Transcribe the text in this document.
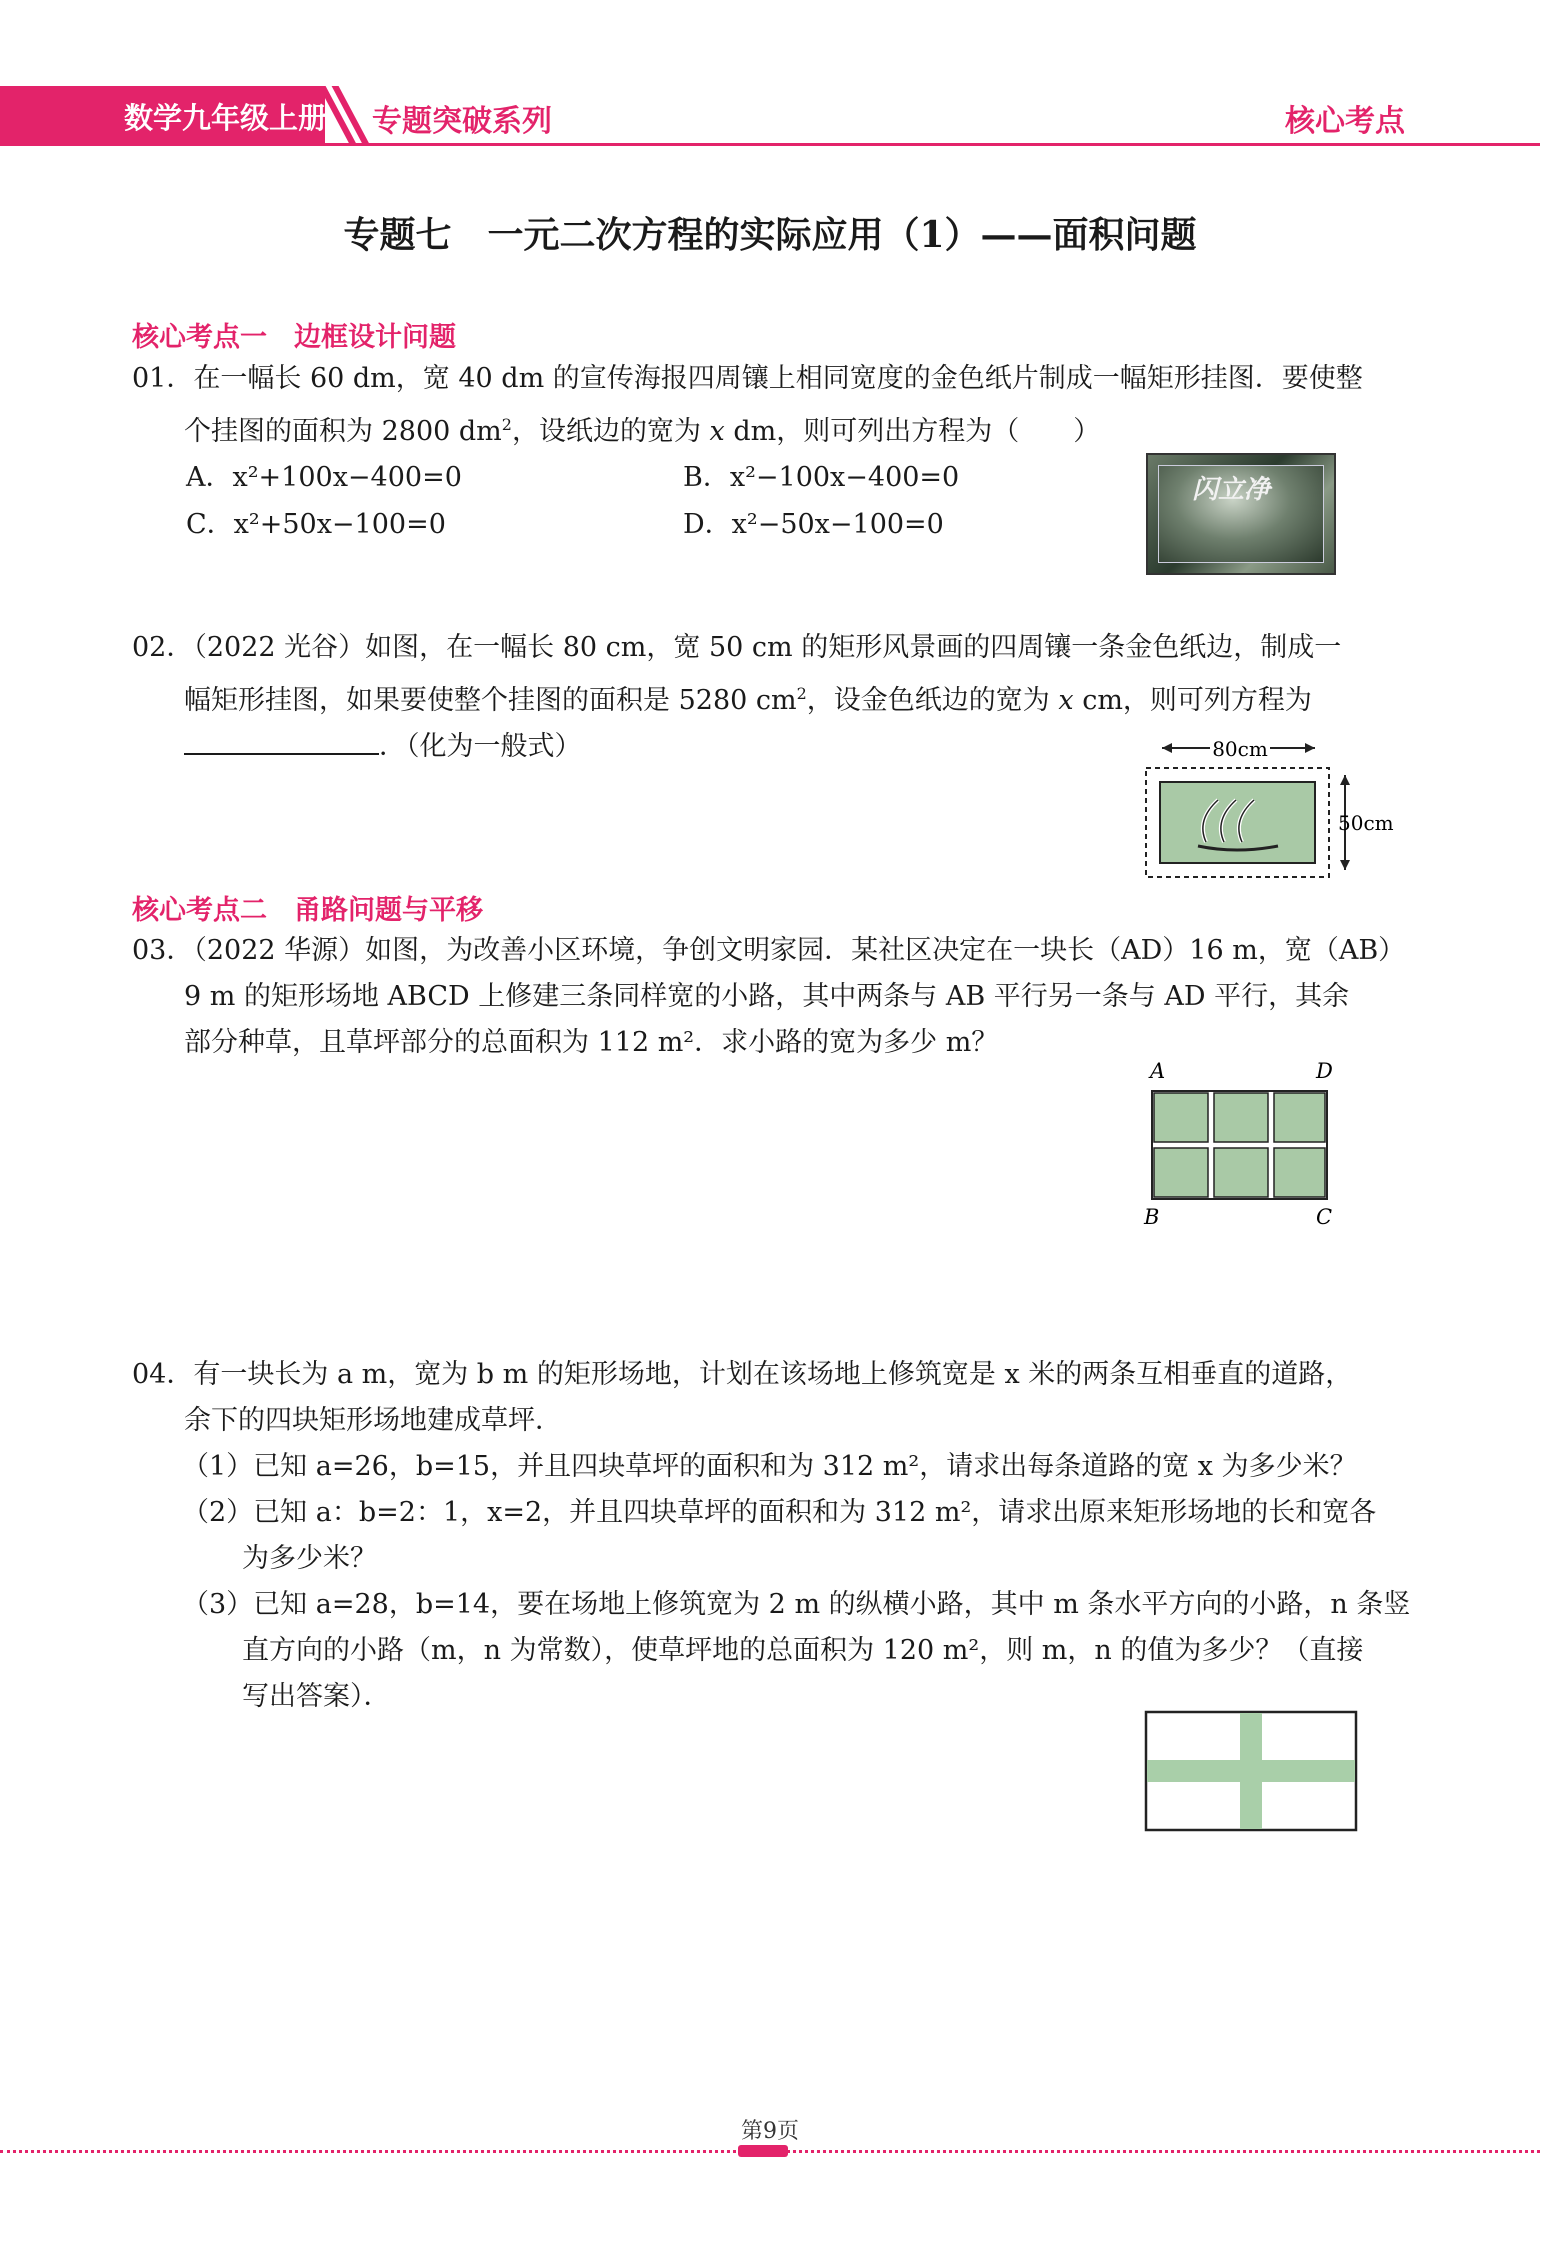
数学九年级上册 专题突破系列	核心考点
专题七　一元二次方程的实际应用（1）——面积问题
核心考点一　边框设计问题
01．在一幅长 60 dm，宽 40 dm 的宣传海报四周镶上相同宽度的金色纸片制成一幅矩形挂图．要使整
个挂图的面积为 2800 $dm^2$，设纸边的宽为 x dm，则可列出方程为（　　）
A．x²+100x−400=0	B．x²−100x−400=0
C．x²+50x−100=0	D．x²−50x−100=0
闪立净
02．（2022 光谷）如图，在一幅长 80 cm，宽 50 cm 的矩形风景画的四周镶一条金色纸边，制成一
幅矩形挂图，如果要使整个挂图的面积是 5280 $cm^2$，设金色纸边的宽为 x cm，则可列方程为
．（化为一般式）	80cm
50cm
核心考点二　甬路问题与平移
03．（2022 华源）如图，为改善小区环境，争创文明家园．某社区决定在一块长（AD）16 m，宽（AB）
9 m 的矩形场地 ABCD 上修建三条同样宽的小路，其中两条与 AB 平行另一条与 AD 平行，其余
部分种草，且草坪部分的总面积为 112 m²．求小路的宽为多少 m？
A	D
B	C
04．有一块长为 a m，宽为 b m 的矩形场地，计划在该场地上修筑宽是 x 米的两条互相垂直的道路，
余下的四块矩形场地建成草坪．
（1）已知 a=26，b=15，并且四块草坪的面积和为 312 m²，请求出每条道路的宽 x 为多少米？
（2）已知 a：b=2：1，x=2，并且四块草坪的面积和为 312 m²，请求出原来矩形场地的长和宽各
为多少米？
（3）已知 a=28，b=14，要在场地上修筑宽为 2 m 的纵横小路，其中 m 条水平方向的小路，n 条竖
直方向的小路（m，n 为常数），使草坪地的总面积为 120 m²，则 m，n 的值为多少？（直接
写出答案）．
第9页
